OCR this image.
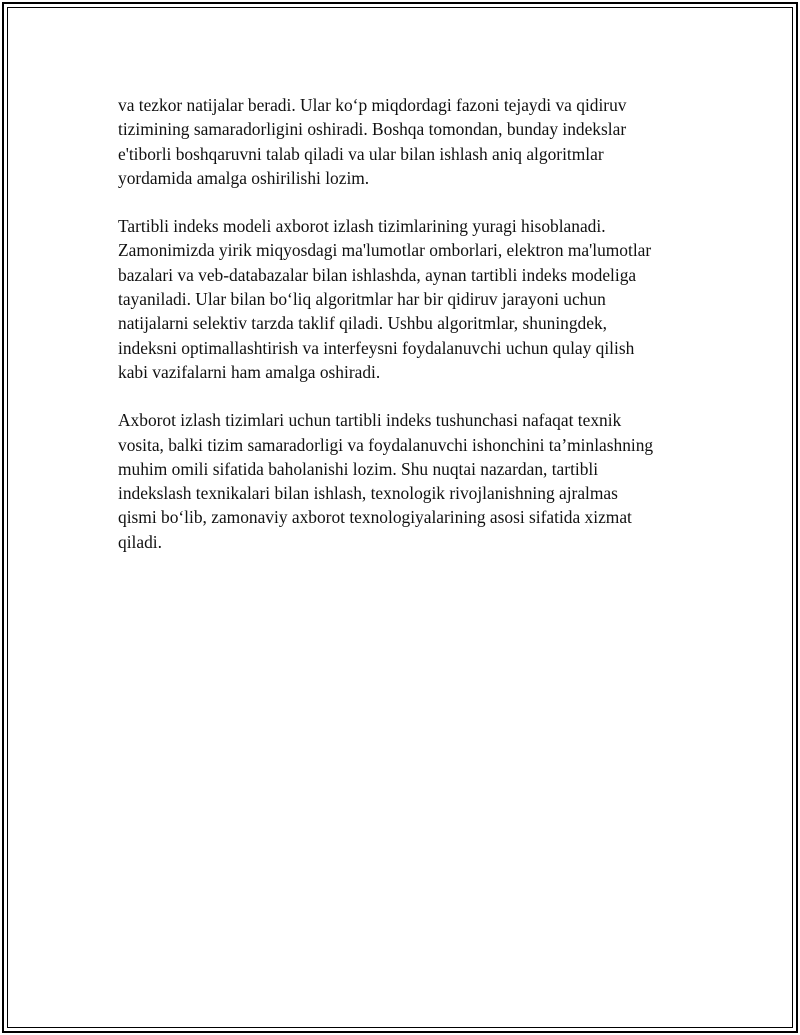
va tezkor natijalar beradi. Ular ko‘p miqdordagi fazoni tejaydi va qidiruv
tizimining samaradorligini oshiradi. Boshqa tomondan, bunday indekslar
e'tiborli boshqaruvni talab qiladi va ular bilan ishlash aniq algoritmlar
yordamida amalga oshirilishi lozim.

Tartibli indeks modeli axborot izlash tizimlarining yuragi hisoblanadi.
Zamonimizda yirik miqyosdagi ma'lumotlar omborlari, elektron ma'lumotlar
bazalari va veb-databazalar bilan ishlashda, aynan tartibli indeks modeliga
tayaniladi. Ular bilan bo‘liq algoritmlar har bir qidiruv jarayoni uchun
natijalarni selektiv tarzda taklif qiladi. Ushbu algoritmlar, shuningdek,
indeksni optimallashtirish va interfeysni foydalanuvchi uchun qulay qilish
kabi vazifalarni ham amalga oshiradi.

Axborot izlash tizimlari uchun tartibli indeks tushunchasi nafaqat texnik
vosita, balki tizim samaradorligi va foydalanuvchi ishonchini ta’minlashning
muhim omili sifatida baholanishi lozim. Shu nuqtai nazardan, tartibli
indekslash texnikalari bilan ishlash, texnologik rivojlanishning ajralmas
qismi bo‘lib, zamonaviy axborot texnologiyalarining asosi sifatida xizmat
qiladi.
